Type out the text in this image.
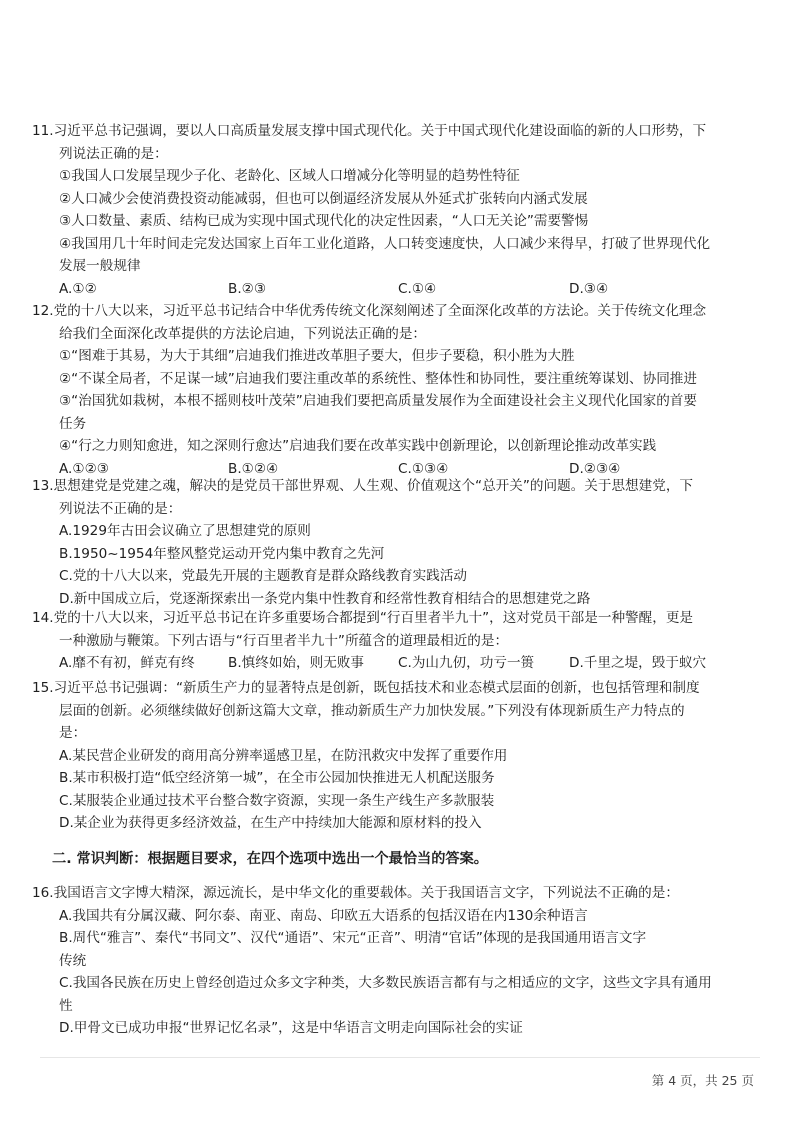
11.习近平总书记强调，要以人口高质量发展支撑中国式现代化。关于中国式现代化建设面临的新的人口形势，下
列说法正确的是：
①我国人口发展呈现少子化、老龄化、区域人口增减分化等明显的趋势性特征
②人口减少会使消费投资动能减弱，但也可以倒逼经济发展从外延式扩张转向内涵式发展
③人口数量、素质、结构已成为实现中国式现代化的决定性因素，“人口无关论”需要警惕
④我国用几十年时间走完发达国家上百年工业化道路，人口转变速度快，人口减少来得早，打破了世界现代化
发展一般规律
A.①②	B.②③	C.①④	D.③④
12.党的十八大以来，习近平总书记结合中华优秀传统文化深刻阐述了全面深化改革的方法论。关于传统文化理念
给我们全面深化改革提供的方法论启迪，下列说法正确的是：
①“图难于其易，为大于其细”启迪我们推进改革胆子要大，但步子要稳，积小胜为大胜
②“不谋全局者，不足谋一域”启迪我们要注重改革的系统性、整体性和协同性，要注重统筹谋划、协同推进
③“治国犹如栽树，本根不摇则枝叶茂荣”启迪我们要把高质量发展作为全面建设社会主义现代化国家的首要
任务
④“行之力则知愈进，知之深则行愈达”启迪我们要在改革实践中创新理论，以创新理论推动改革实践
A.①②③	B.①②④	C.①③④	D.②③④
13.思想建党是党建之魂，解决的是党员干部世界观、人生观、价值观这个“总开关”的问题。关于思想建党，下
列说法不正确的是：
A.1929年古田会议确立了思想建党的原则
B.1950~1954年整风整党运动开党内集中教育之先河
C.党的十八大以来，党最先开展的主题教育是群众路线教育实践活动
D.新中国成立后，党逐渐探索出一条党内集中性教育和经常性教育相结合的思想建党之路
14.党的十八大以来，习近平总书记在许多重要场合都提到“行百里者半九十”，这对党员干部是一种警醒，更是
一种激励与鞭策。下列古语与“行百里者半九十”所蕴含的道理最相近的是：
A.靡不有初，鲜克有终 B.慎终如始，则无败事	C.为山九仞，功亏一篑	D.千里之堤，毁于蚁穴
15.习近平总书记强调：“新质生产力的显著特点是创新，既包括技术和业态模式层面的创新，也包括管理和制度
层面的创新。必须继续做好创新这篇大文章，推动新质生产力加快发展。”下列没有体现新质生产力特点的
是：
A.某民营企业研发的商用高分辨率遥感卫星，在防汛救灾中发挥了重要作用
B.某市积极打造“低空经济第一城”，在全市公园加快推进无人机配送服务
C.某服装企业通过技术平台整合数字资源，实现一条生产线生产多款服装
D.某企业为获得更多经济效益，在生产中持续加大能源和原材料的投入
二. 常识判断：根据题目要求，在四个选项中选出一个最恰当的答案。
16.我国语言文字博大精深，源远流长，是中华文化的重要载体。关于我国语言文字，下列说法不正确的是：
A.我国共有分属汉藏、阿尔泰、南亚、南岛、印欧五大语系的包括汉语在内130余种语言
B.周代“雅言”、秦代“书同文”、汉代“通语”、宋元“正音”、明清“官话”体现的是我国通用语言文字
传统
C.我国各民族在历史上曾经创造过众多文字种类，大多数民族语言都有与之相适应的文字，这些文字具有通用
性
D.甲骨文已成功申报“世界记忆名录”，这是中华语言文明走向国际社会的实证
第 4 页，共 25 页
